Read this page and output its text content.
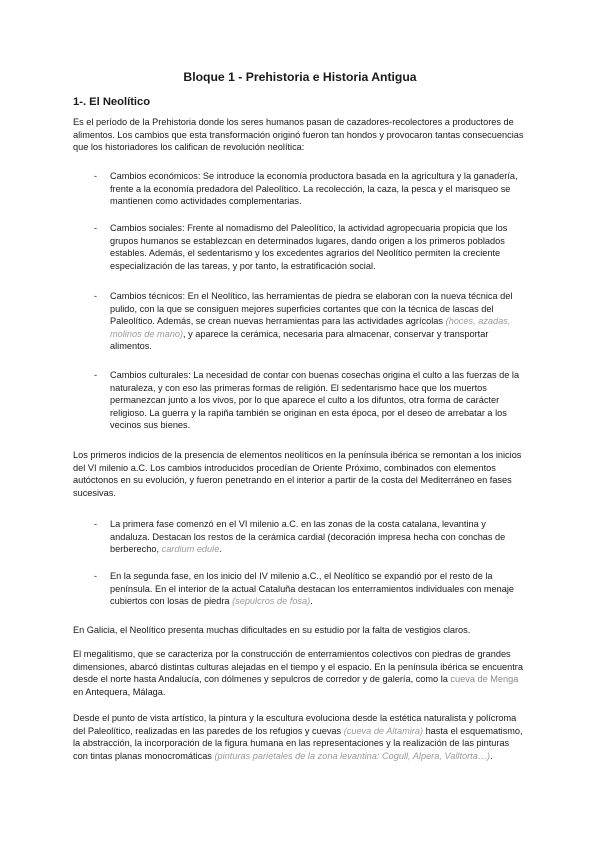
Bloque 1 - Prehistoria e Historia Antigua
1-. El Neolítico

Es el período de la Prehistoria donde los seres humanos pasan de cazadores-recolectores a productores de alimentos. Los cambios que esta transformación originó fueron tan hondos y provocaron tantas consecuencias que los historiadores los califican de revolución neolítica:

- Cambios económicos: Se introduce la economía productora basada en la agricultura y la ganadería, frente a la economía predadora del Paleolítico. La recolección, la caza, la pesca y el marisqueo se mantienen como actividades complementarias.
- Cambios sociales: Frente al nomadismo del Paleolítico, la actividad agropecuaria propicia que los grupos humanos se establezcan en determinados lugares, dando origen a los primeros poblados estables. Además, el sedentarismo y los excedentes agrarios del Neolítico permiten la creciente especialización de las tareas, y por tanto, la estratificación social.
- Cambios técnicos: En el Neolítico, las herramientas de piedra se elaboran con la nueva técnica del pulido, con la que se consiguen mejores superficies cortantes que con la técnica de lascas del Paleolítico. Además, se crean nuevas herramientas para las actividades agrícolas (hoces, azadas, molinos de mano), y aparece la cerámica, necesaria para almacenar, conservar y transportar alimentos.
- Cambios culturales: La necesidad de contar con buenas cosechas origina el culto a las fuerzas de la naturaleza, y con eso las primeras formas de religión. El sedentarismo hace que los muertos permanezcan junto a los vivos, por lo que aparece el culto a los difuntos, otra forma de carácter religioso. La guerra y la rapiña también se originan en esta época, por el deseo de arrebatar a los vecinos sus bienes.

Los primeros indicios de la presencia de elementos neolíticos en la península ibérica se remontan a los inicios del VI milenio a.C. Los cambios introducidos procedían de Oriente Próximo, combinados con elementos autóctonos en su evolución, y fueron penetrando en el interior a partir de la costa del Mediterráneo en fases sucesivas.

- La primera fase comenzó en el VI milenio a.C. en las zonas de la costa catalana, levantina y andaluza. Destacan los restos de la cerámica cardial (decoración impresa hecha con conchas de berberecho, cardium edule.
- En la segunda fase, en los inicio del IV milenio a.C., el Neolítico se expandió por el resto de la península. En el interior de la actual Cataluña destacan los enterramientos individuales con menaje cubiertos con losas de piedra (sepulcros de fosa).

En Galicia, el Neolítico presenta muchas dificultades en su estudio por la falta de vestigios claros.

El megalitismo, que se caracteriza por la construcción de enterramientos colectivos con piedras de grandes dimensiones, abarcó distintas culturas alejadas en el tiempo y el espacio. En la península ibérica se encuentra desde el norte hasta Andalucía, con dólmenes y sepulcros de corredor y de galería, como la cueva de Menga en Antequera, Málaga.

Desde el punto de vista artístico, la pintura y la escultura evoluciona desde la estética naturalista y polícroma del Paleolítico, realizadas en las paredes de los refugios y cuevas (cueva de Altamira) hasta el esquematismo, la abstracción, la incorporación de la figura humana en las representaciones y la realización de las pinturas con tintas planas monocromáticas (pinturas parietales de la zona levantina: Cogull, Alpera, Valltorta…).
